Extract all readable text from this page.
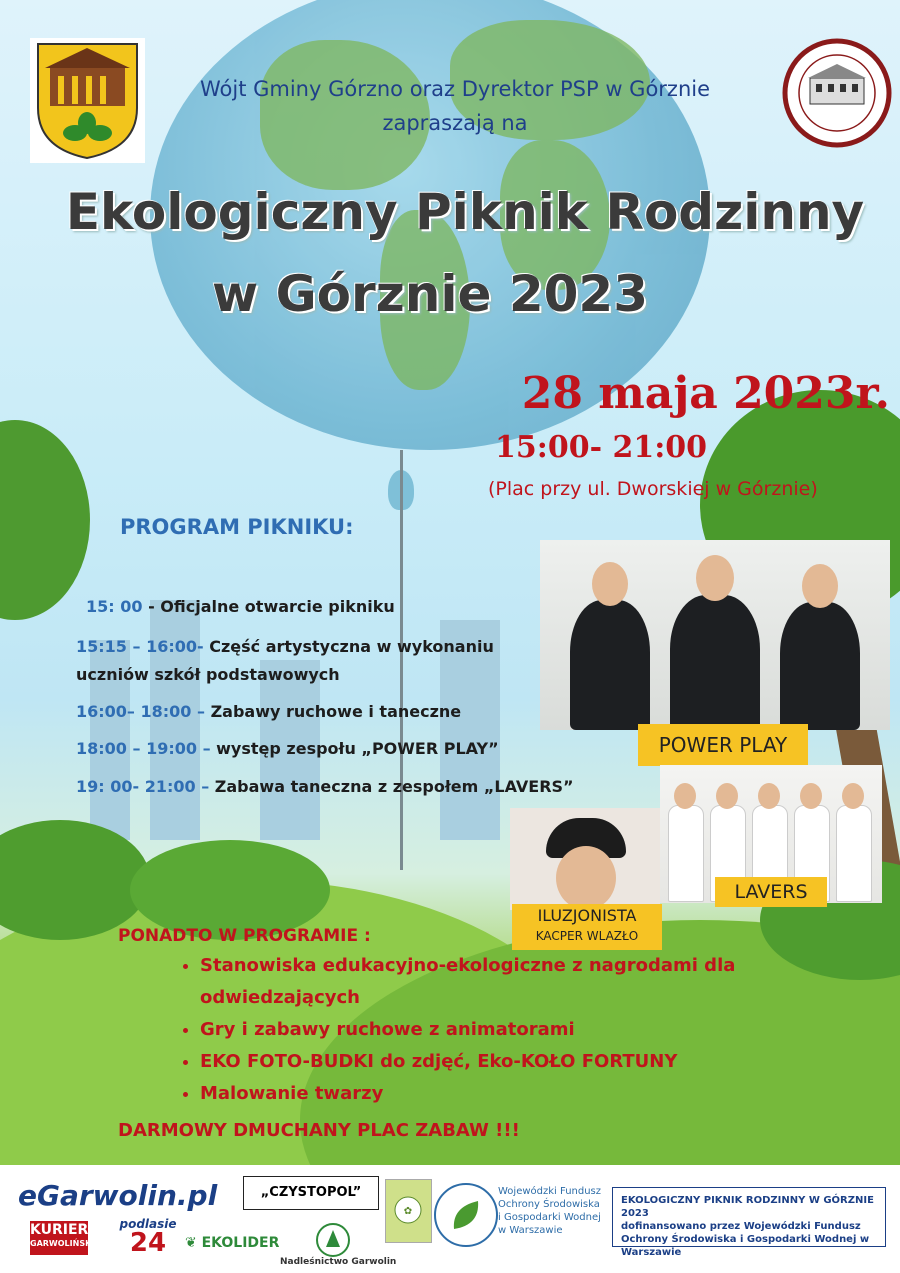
Wójt Gminy Górzno oraz Dyrektor PSP w Górznie
zapraszają na
Ekologiczny Piknik Rodzinny
w Górznie 2023
28 maja 2023r.
15:00- 21:00
(Plac przy ul. Dworskiej w Górznie)
PROGRAM PIKNIKU:
15: 00 - Oficjalne otwarcie pikniku
15:15 – 16:00- Część artystyczna w wykonaniu uczniów szkół podstawowych
16:00– 18:00 – Zabawy ruchowe i taneczne
18:00 – 19:00 – występ zespołu „POWER PLAY”
19: 00- 21:00 – Zabawa taneczna z zespołem „LAVERS”
POWER PLAY
LAVERS
ILUZJONISTA
KACPER WLAZŁO
PONADTO W PROGRAMIE :
• Stanowiska edukacyjno-ekologiczne z nagrodami dla odwiedzających
• Gry i zabawy ruchowe z animatorami
• EKO FOTO-BUDKI do zdjęć, Eko-KOŁO FORTUNY
• Malowanie twarzy
DARMOWY DMUCHANY PLAC ZABAW !!!
eGarwolin.pl	„CZYSTOPOL”
KURIER
GARWOLIŃSKI.pl
podlasie
24	❦ EKOLIDER
Nadleśnictwo Garwolin
✿
Wojewódzki Fundusz
Ochrony Środowiska
i Gospodarki Wodnej
w Warszawie
EKOLOGICZNY PIKNIK RODZINNY W GÓRZNIE 2023
dofinansowano przez Wojewódzki Fundusz Ochrony Środowiska i Gospodarki Wodnej w Warszawie
